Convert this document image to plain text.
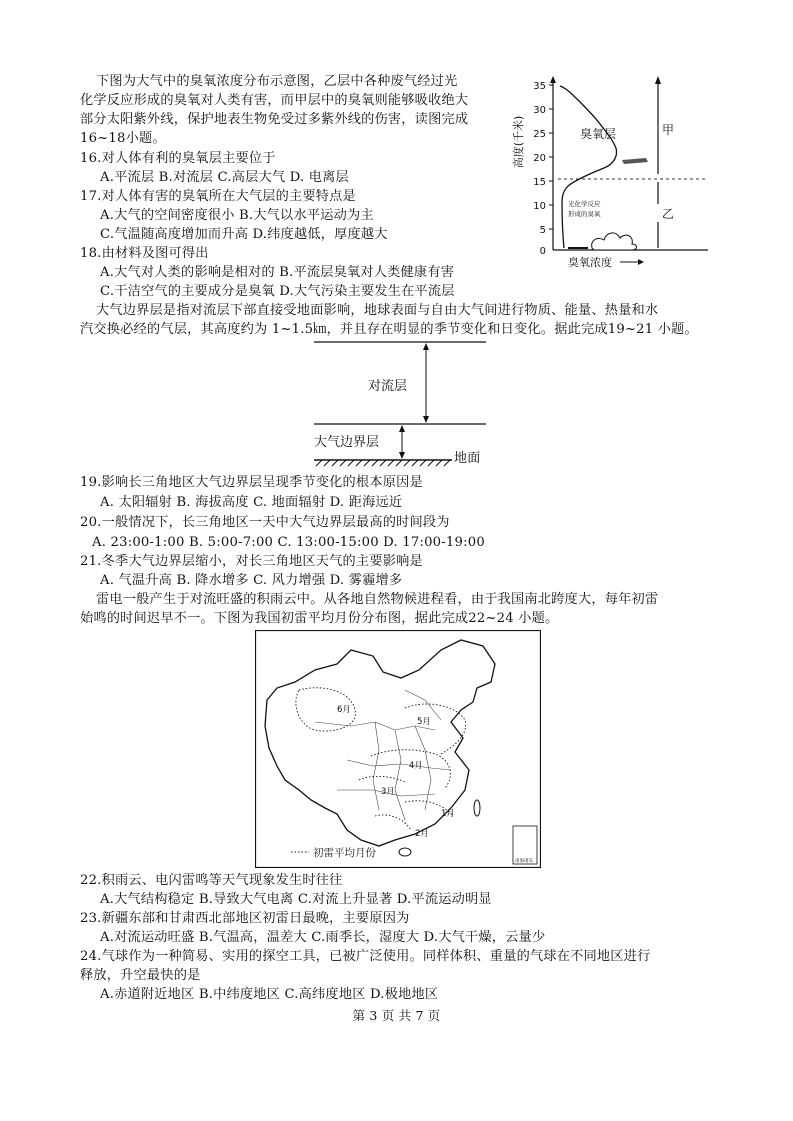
下图为大气中的臭氧浓度分布示意图，乙层中各种废气经过光
化学反应形成的臭氧对人类有害，而甲层中的臭氧则能够吸收绝大
部分太阳紫外线，保护地表生物免受过多紫外线的伤害，读图完成
16~18小题。
16.对人体有利的臭氧层主要位于
A.平流层 B.对流层 C.高层大气 D. 电离层
17.对人体有害的臭氧所在大气层的主要特点是
A.大气的空间密度很小 B.大气以水平运动为主
C.气温随高度增加而升高 D.纬度越低，厚度越大
18.由材料及图可得出
A.大气对人类的影响是相对的 B.平流层臭氧对人类健康有害
C.干洁空气的主要成分是臭氧 D.大气污染主要发生在平流层
35
30
25
20
15
10
5
0
高度(千米)	甲
乙
臭氧层
光化学反应
形成的臭氧
臭氧浓度
大气边界层是指对流层下部直接受地面影响，地球表面与自由大气间进行物质、能量、热量和水
汽交换必经的气层，其高度约为 1~1.5㎞，并且存在明显的季节变化和日变化。据此完成19~21 小题。
对流层
大气边界层
地面
19.影响长三角地区大气边界层呈现季节变化的根本原因是
A. 太阳辐射 B. 海拔高度 C. 地面辐射 D. 距海远近
20.一般情况下，长三角地区一天中大气边界层最高的时间段为
A. 23:00-1:00 B. 5:00-7:00 C. 13:00-15:00 D. 17:00-19:00
21.冬季大气边界层缩小，对长三角地区天气的主要影响是
A. 气温升高 B. 降水增多 C. 风力增强 D. 雾霾增多
雷电一般产生于对流旺盛的积雨云中。从各地自然物候进程看，由于我国南北跨度大，每年初雷
始鸣的时间迟早不一。下图为我国初雷平均月份分布图，据此完成22~24 小题。
6月
5月
4月
3月
1月
2月
初雷平均月份
南海诸岛
22.积雨云、电闪雷鸣等天气现象发生时往往
A.大气结构稳定 B.导致大气电离 C.对流上升显著 D.平流运动明显
23.新疆东部和甘肃西北部地区初雷日最晚，主要原因为
A.对流运动旺盛 B.气温高，温差大 C.雨季长，湿度大 D.大气干燥，云量少
24.气球作为一种简易、实用的探空工具，已被广泛使用。同样体积、重量的气球在不同地区进行
释放，升空最快的是
A.赤道附近地区 B.中纬度地区 C.高纬度地区 D.极地地区
第 3 页 共 7 页
